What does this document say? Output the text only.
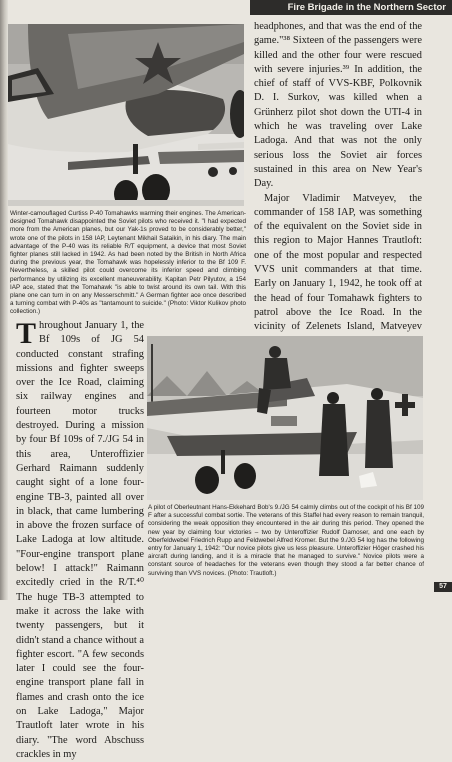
Fire Brigade in the Northern Sector

Winter-camouflaged Curtiss P-40 Tomahawks warming their engines. The American-designed Tomahawk disappointed the Soviet pilots who received it. "I had expected more from the American planes, but our Yak-1s proved to be considerably better," wrote one of the pilots in 158 IAP, Leytenant Mikhail Sataikin, in his diary. The main advantage of the P-40 was its reliable R/T equipment, a device that most Soviet fighter planes still lacked in 1942. As had been noted by the British in North Africa during the previous year, the Tomahawk was hopelessly inferior to the Bf 109 F. Nevertheless, a skilled pilot could overcome its inferior speed and climbing performance by utilizing its excellent maneuverability. Kapitan Petr Pilyutov, a 154 IAP ace, stated that the Tomahawk "is able to twist around its own tail. With this plane one can turn in on any Messerschmitt." A German fighter ace once described a turning combat with P-40s as "tantamount to suicide." (Photo: Viktor Kulikov photo collection.)

headphones, and that was the end of the game."³⁸ Sixteen of the passengers were killed and the other four were rescued with severe injuries.³⁹ In addition, the chief of staff of VVS-KBF, Polkovnik D. I. Surkov, was killed when a Grünherz pilot shot down the UTI-4 in which he was traveling over Lake Ladoga. And that was not the only serious loss the Soviet air forces sustained in this area on New Year's Day.

Major Vladimir Matveyev, the commander of 158 IAP, was something of the equivalent on the Soviet side in this region to Major Hannes Trautloft: one of the most popular and respected VVS unit commanders at that time. Early on January 1, 1942, he took off at the head of four Tomahawk fighters to patrol above the Ice Road. In the vicinity of Zelenets Island, Matveyev

Throughout January 1, the Bf 109s of JG 54 conducted constant strafing missions and fighter sweeps over the Ice Road, claiming six railway engines and fourteen motor trucks destroyed. During a mission by four Bf 109s of 7./JG 54 in this area, Unteroffizier Gerhard Raimann suddenly caught sight of a lone four-engine TB-3, painted all over in black, that came lumbering in above the frozen surface of Lake Ladoga at low altitude. "Four-engine transport plane below! I attack!" Raimann excitedly cried in the R/T.⁴⁰ The huge TB-3 attempted to make it across the lake with twenty passengers, but it didn't stand a chance without a fighter escort. "A few seconds later I could see the four-engine transport plane fall in flames and crash onto the ice on Lake Ladoga," Major Trautloft later wrote in his diary. "The word Abschuss crackles in my

A pilot of Oberleutnant Hans-Ekkehard Bob's 9./JG 54 calmly climbs out of the cockpit of his Bf 109 F after a successful combat sortie. The veterans of this Staffel had every reason to remain tranquil, considering the weak opposition they encountered in the air during this period. They opened the new year by claiming four victories – two by Unteroffizier Rudolf Damoser, and one each by Oberfeldwebel Friedrich Rupp and Feldwebel Alfred Kromer. But the 9./JG 54 log has the following entry for January 1, 1942: "Our novice pilots give us less pleasure. Unteroffizier Höger crashed his aircraft during landing, and it is a miracle that he managed to survive." Novice pilots were a constant source of headaches for the veterans even though they stood a far better chance of surviving than VVS novices. (Photo: Trautloft.)

57
